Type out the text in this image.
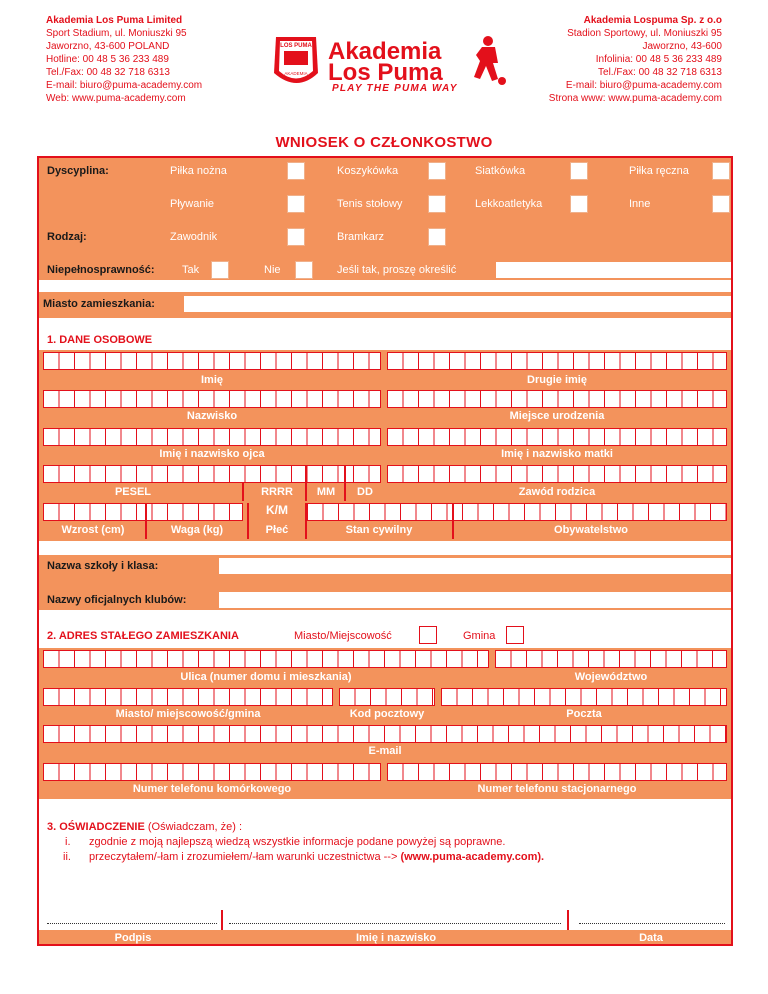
Akademia Los Puma Limited
Sport Stadium, ul. Moniuszki 95
Jaworzno, 43-600 POLAND
Hotline: 00 48 5 36 233 489
Tel./Fax: 00 48 32 718 6313
E-mail: biuro@puma-academy.com
Web: www.puma-academy.com
Akademia Lospuma Sp. z o.o
Stadion Sportowy, ul. Moniuszki 95
Jaworzno, 43-600
Infolinia: 00 48 5 36 233 489
Tel./Fax: 00 48 32 718 6313
E-mail: biuro@puma-academy.com
Strona www: www.puma-academy.com
LOS PUMA
AKADEMIA
Akademia
Los Puma
PLAY THE PUMA WAY
WNIOSEK O CZŁONKOSTWO
Dyscyplina:	Piłka nożna	Koszykówka	Siatkówka	Piłka ręczna
Pływanie	Tenis stołowy	Lekkoatletyka	Inne
Rodzaj:	Zawodnik	Bramkarz
Niepełnosprawność: Tak	Nie	Jeśli tak, proszę określić
Miasto zamieszkania:
1. DANE OSOBOWE
Imię	Drugie imię
Nazwisko	Miejsce urodzenia
Imię i nazwisko ojca	Imię i nazwisko matki
PESEL	RRRR	MM	DD	Zawód rodzica
K/M
Wzrost (cm)	Waga (kg)	Płeć	Stan cywilny	Obywatelstwo
Nazwa szkoły i klasa:
Nazwy oficjalnych klubów:
2. ADRES STAŁEGO ZAMIESZKANIA	Miasto/Miejscowość	Gmina
Ulica (numer domu i mieszkania)	Województwo
Miasto/ miejscowość/gmina	Kod pocztowy	Poczta
E-mail
Numer telefonu komórkowego	Numer telefonu stacjonarnego
3. OŚWIADCZENIE (Oświadczam, że) :
i. zgodnie z moją najlepszą wiedzą wszystkie informacje podane powyżej są poprawne.
ii. przeczytałem/-łam i zrozumiełem/-łam warunki uczestnictwa --> (www.puma-academy.com).
Podpis	Imię i nazwisko	Data
